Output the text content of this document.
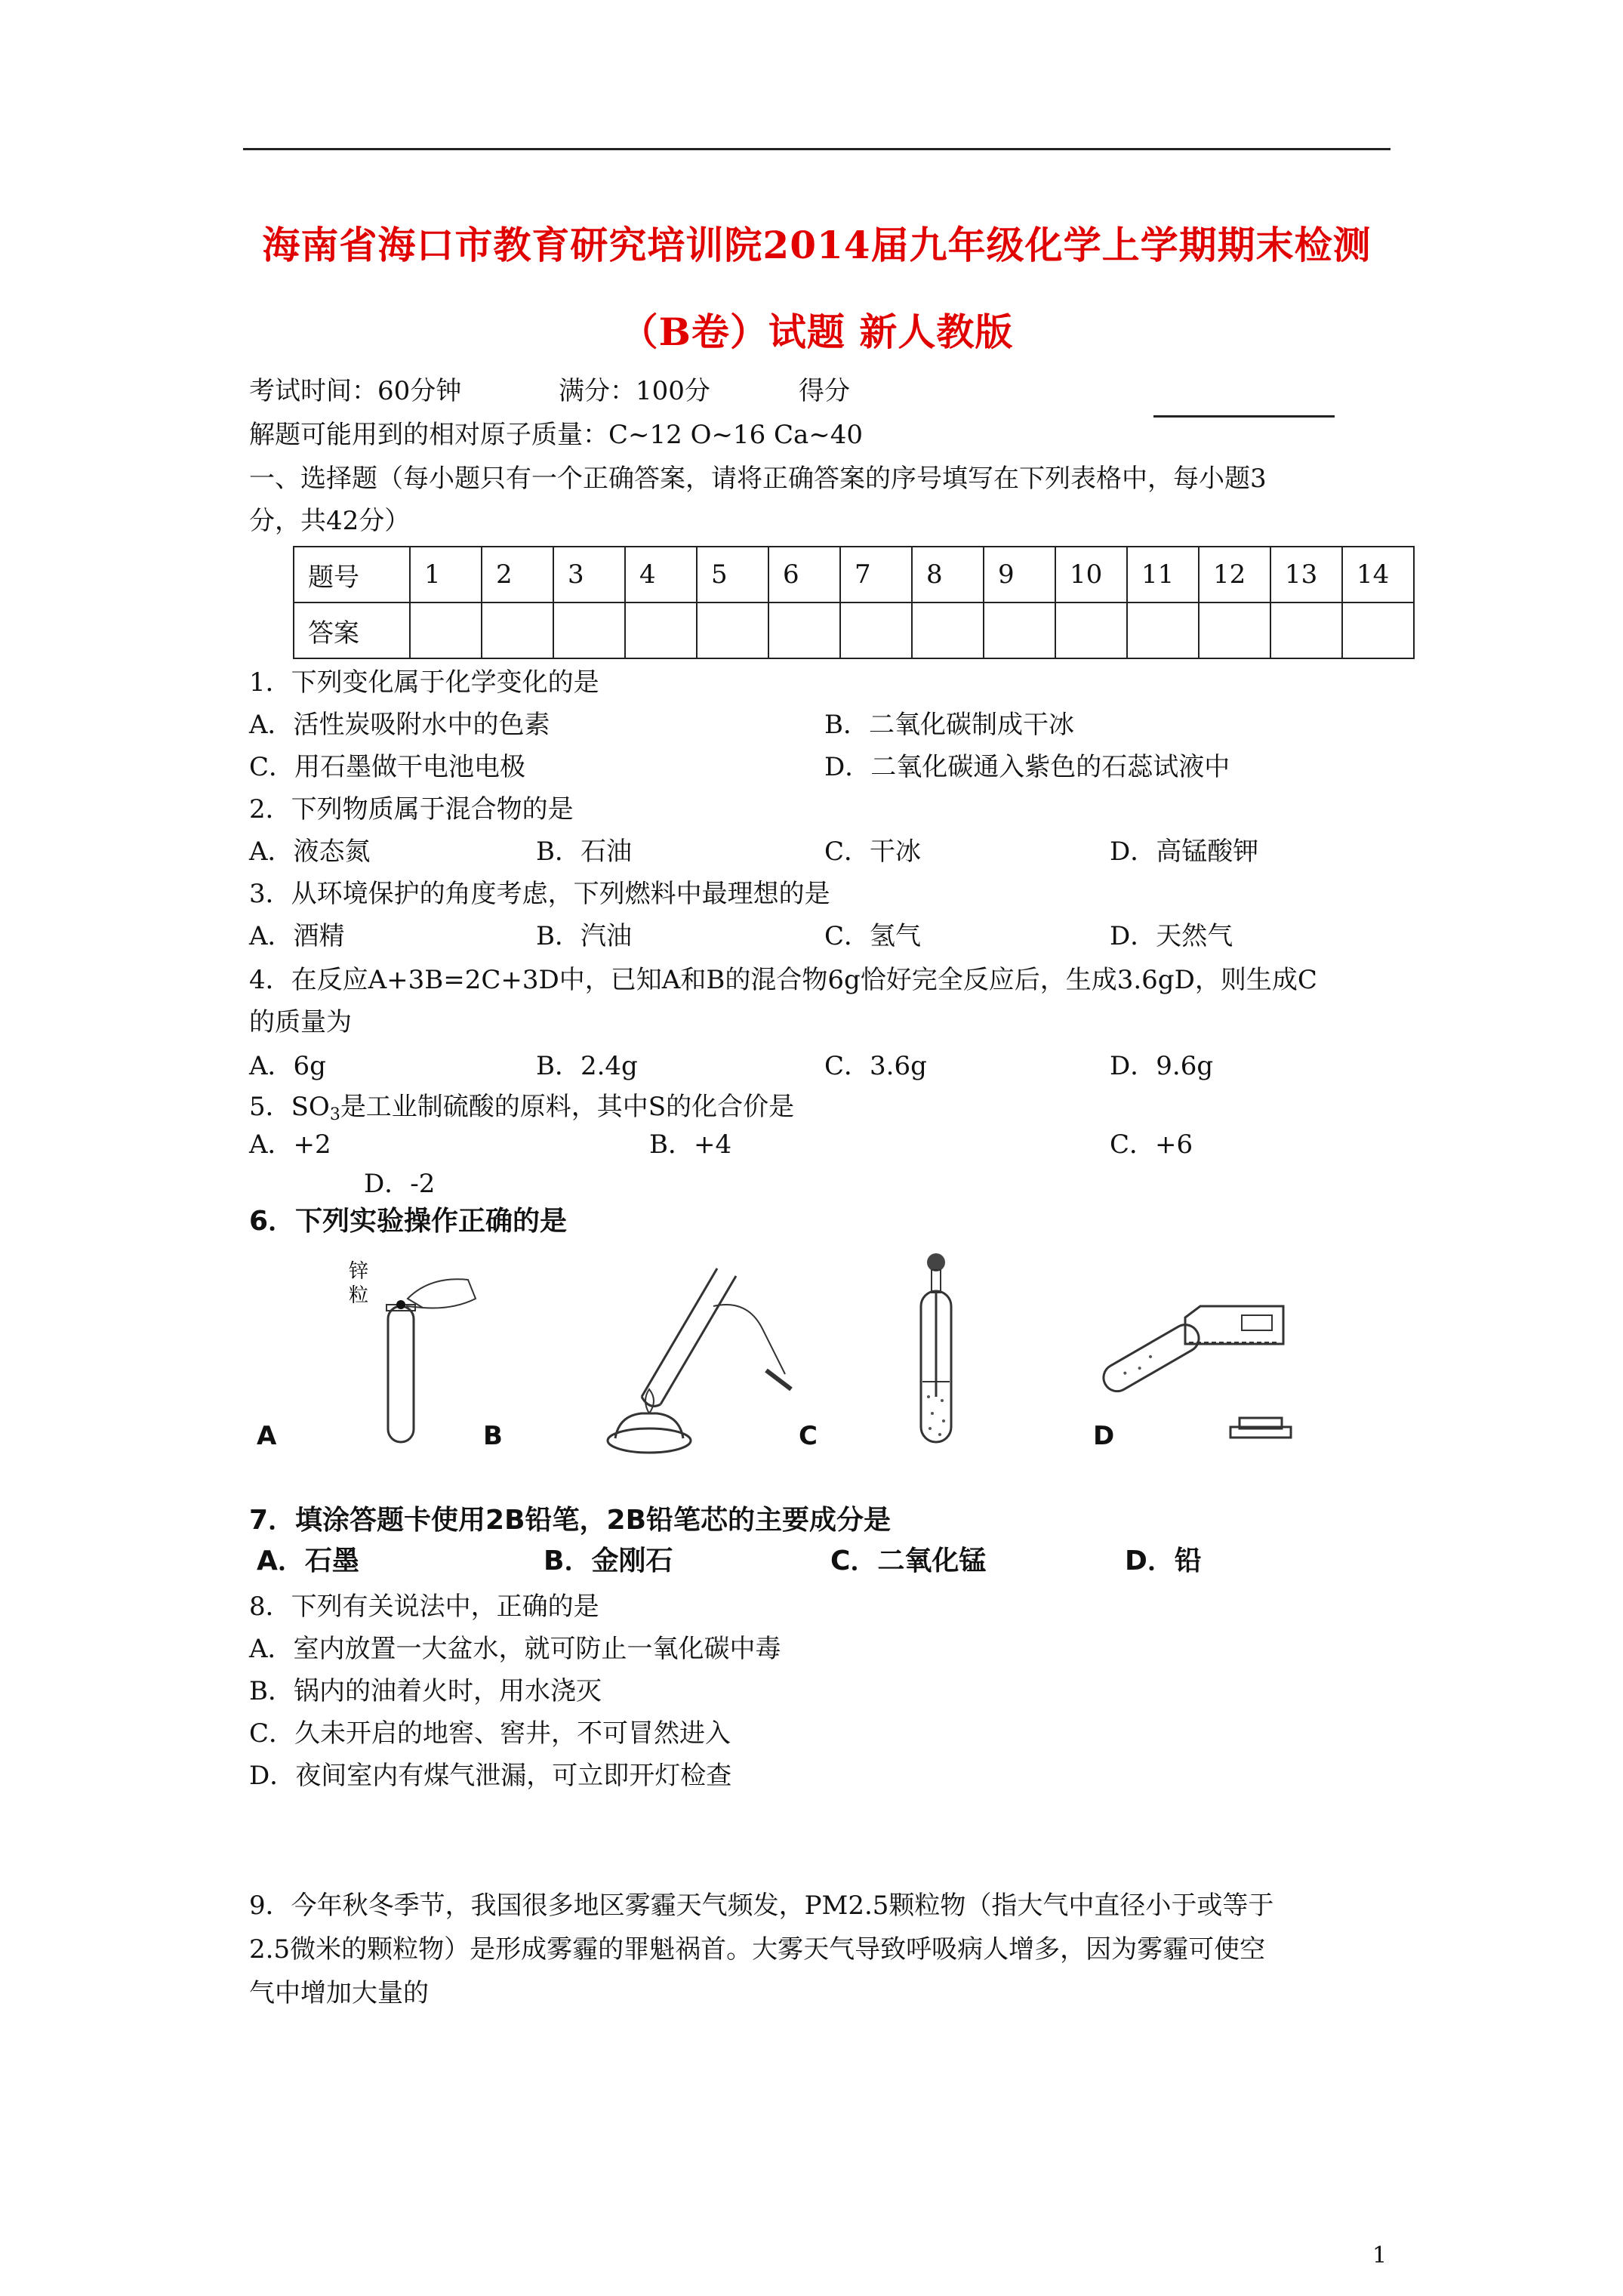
海南省海口市教育研究培训院2014届九年级化学上学期期末检测
（B卷）试题 新人教版
考试时间：60分钟	满分：100分	得分
解题可能用到的相对原子质量：C~12 O~16 Ca~40
一、选择题（每小题只有一个正确答案，请将正确答案的序号填写在下列表格中，每小题3
分，共42分）
题号	1	2	3	4	5	6	7	8	9	10	11	12	13	14
答案														
1．下列变化属于化学变化的是
A．活性炭吸附水中的色素	B．二氧化碳制成干冰
C．用石墨做干电池电极	D．二氧化碳通入紫色的石蕊试液中
2．下列物质属于混合物的是
A．液态氮	B．石油	C．干冰	D．高锰酸钾
3．从环境保护的角度考虑，下列燃料中最理想的是
A．酒精	B．汽油	C．氢气	D．天然气
4．在反应A+3B=2C+3D中，已知A和B的混合物6g恰好完全反应后，生成3.6gD，则生成C
的质量为
A．6g	B．2.4g	C．3.6g	D．9.6g
5．$SO_3$是工业制硫酸的原料，其中S的化合价是
A．+2	B．+4	C．+6
D．-2
6．下列实验操作正确的是
锌
粒
A	B	C	D
7．填涂答题卡使用2B铅笔，2B铅笔芯的主要成分是
A．石墨	B．金刚石	C．二氧化锰	D．铅
8．下列有关说法中，正确的是
A．室内放置一大盆水，就可防止一氧化碳中毒
B．锅内的油着火时，用水浇灭
C．久未开启的地窖、窖井，不可冒然进入
D．夜间室内有煤气泄漏，可立即开灯检查
9．今年秋冬季节，我国很多地区雾霾天气频发，PM2.5颗粒物（指大气中直径小于或等于
2.5微米的颗粒物）是形成雾霾的罪魁祸首。大雾天气导致呼吸病人增多，因为雾霾可使空
气中增加大量的
1
